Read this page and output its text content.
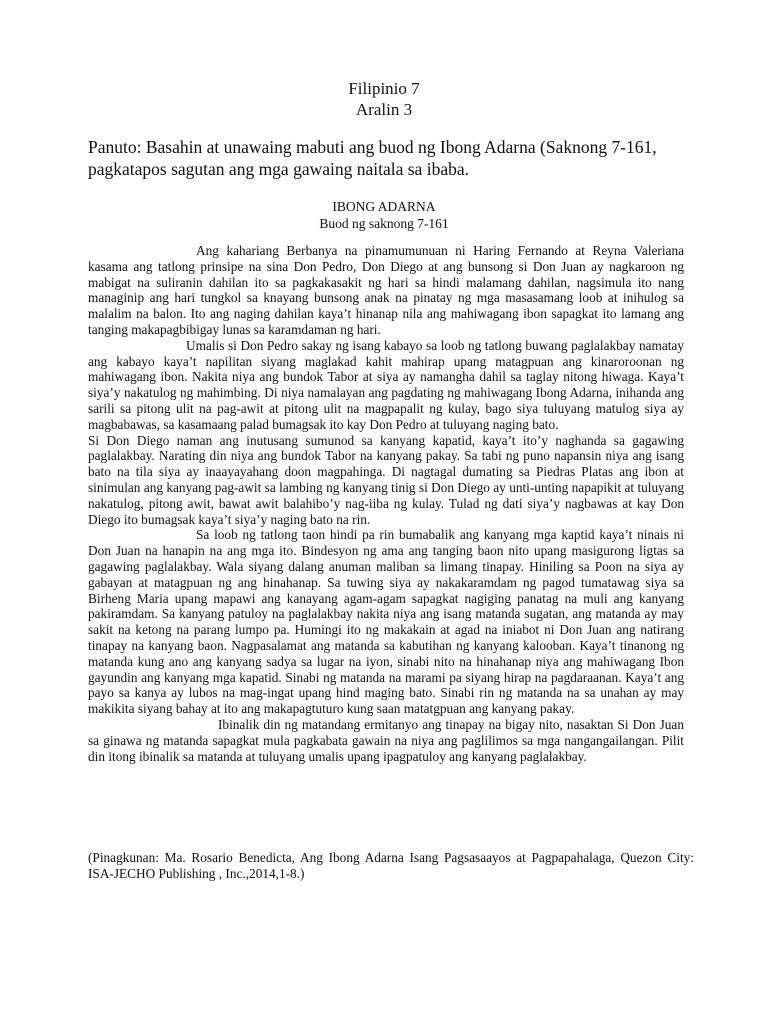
Filipinio 7

Aralin 3

Panuto: Basahin at unawaing mabuti ang buod ng Ibong Adarna (Saknong 7-161, pagkatapos sagutan ang mga gawaing naitala sa ibaba.

IBONG ADARNA

Buod ng saknong 7-161

Ang kahariang Berbanya na pinamumunuan ni Haring Fernando at Reyna Valeriana kasama ang tatlong prinsipe na sina Don Pedro, Don Diego at ang bunsong si Don Juan ay nagkaroon ng mabigat na suliranin dahilan ito sa pagkakasakit ng hari sa hindi malamang dahilan, nagsimula ito nang managinip ang hari tungkol sa knayang bunsong anak na pinatay ng mga masasamang loob at inihulog sa malalim na balon. Ito ang naging dahilan kaya’t hinanap nila ang mahiwagang ibon sapagkat ito lamang ang tanging makapagbibigay lunas sa karamdaman ng hari.

Umalis si Don Pedro sakay ng isang kabayo sa loob ng tatlong buwang paglalakbay namatay ang kabayo kaya’t napilitan siyang maglakad kahit mahirap upang matagpuan ang kinaroroonan ng mahiwagang ibon. Nakita niya ang bundok Tabor at siya ay namangha dahil sa taglay nitong hiwaga. Kaya’t siya’y nakatulog ng mahimbing. Di niya namalayan ang pagdating ng mahiwagang Ibong Adarna, inihanda ang sarili sa pitong ulit na pag-awit at pitong ulit na magpapalit ng kulay, bago siya tuluyang matulog siya ay magbabawas, sa kasamaang palad bumagsak ito kay Don Pedro at tuluyang naging bato.

Si Don Diego naman ang inutusang sumunod sa kanyang kapatid, kaya’t ito’y naghanda sa gagawing paglalakbay. Narating din niya ang bundok Tabor na kanyang pakay. Sa tabi ng puno napansin niya ang isang bato na tila siya ay inaayayahang doon magpahinga. Di nagtagal dumating sa Piedras Platas ang ibon at sinimulan ang kanyang pag-awit sa lambing ng kanyang tinig si Don Diego ay unti-unting napapikit at tuluyang nakatulog, pitong awit, bawat awit balahibo’y nag-iiba ng kulay. Tulad ng dati siya’y nagbawas at kay Don Diego ito bumagsak kaya’t siya’y naging bato na rin.

Sa loob ng tatlong taon hindi pa rin bumabalik ang kanyang mga kaptid kaya’t ninais ni Don Juan na hanapin na ang mga ito. Bindesyon ng ama ang tanging baon nito upang masigurong ligtas sa gagawing paglalakbay. Wala siyang dalang anuman maliban sa limang tinapay. Hiniling sa Poon na siya ay gabayan at matagpuan ng ang hinahanap. Sa tuwing siya ay nakakaramdam ng pagod tumatawag siya sa Birheng Maria upang mapawi ang kanayang agam-agam sapagkat nagiging panatag na muli ang kanyang pakiramdam. Sa kanyang patuloy na paglalakbay nakita niya ang isang matanda sugatan, ang matanda ay may sakit na ketong na parang lumpo pa. Humingi ito ng makakain at agad na iniabot ni Don Juan ang natirang tinapay na kanyang baon. Nagpasalamat ang matanda sa kabutihan ng kanyang kalooban. Kaya’t tinanong ng matanda kung ano ang kanyang sadya sa lugar na iyon, sinabi nito na hinahanap niya ang mahiwagang Ibon gayundin ang kanyang mga kapatid. Sinabi ng matanda na marami pa siyang hirap na pagdaraanan. Kaya’t ang payo sa kanya ay lubos na mag-ingat upang hind maging bato. Sinabi rin ng matanda na sa unahan ay may makikita siyang bahay at ito ang makapagtuturo kung saan matatgpuan ang kanyang pakay.

Ibinalik din ng matandang ermitanyo ang tinapay na bigay nito, nasaktan Si Don Juan sa ginawa ng matanda sapagkat mula pagkabata gawain na niya ang paglilimos sa mga nangangailangan. Pilit din itong ibinalik sa matanda at tuluyang umalis upang ipagpatuloy ang kanyang paglalakbay.

(Pinagkunan: Ma. Rosario Benedicta, Ang Ibong Adarna Isang Pagsasaayos at Pagpapahalaga, Quezon City: ISA-JECHO Publishing , Inc.,2014,1-8.)
